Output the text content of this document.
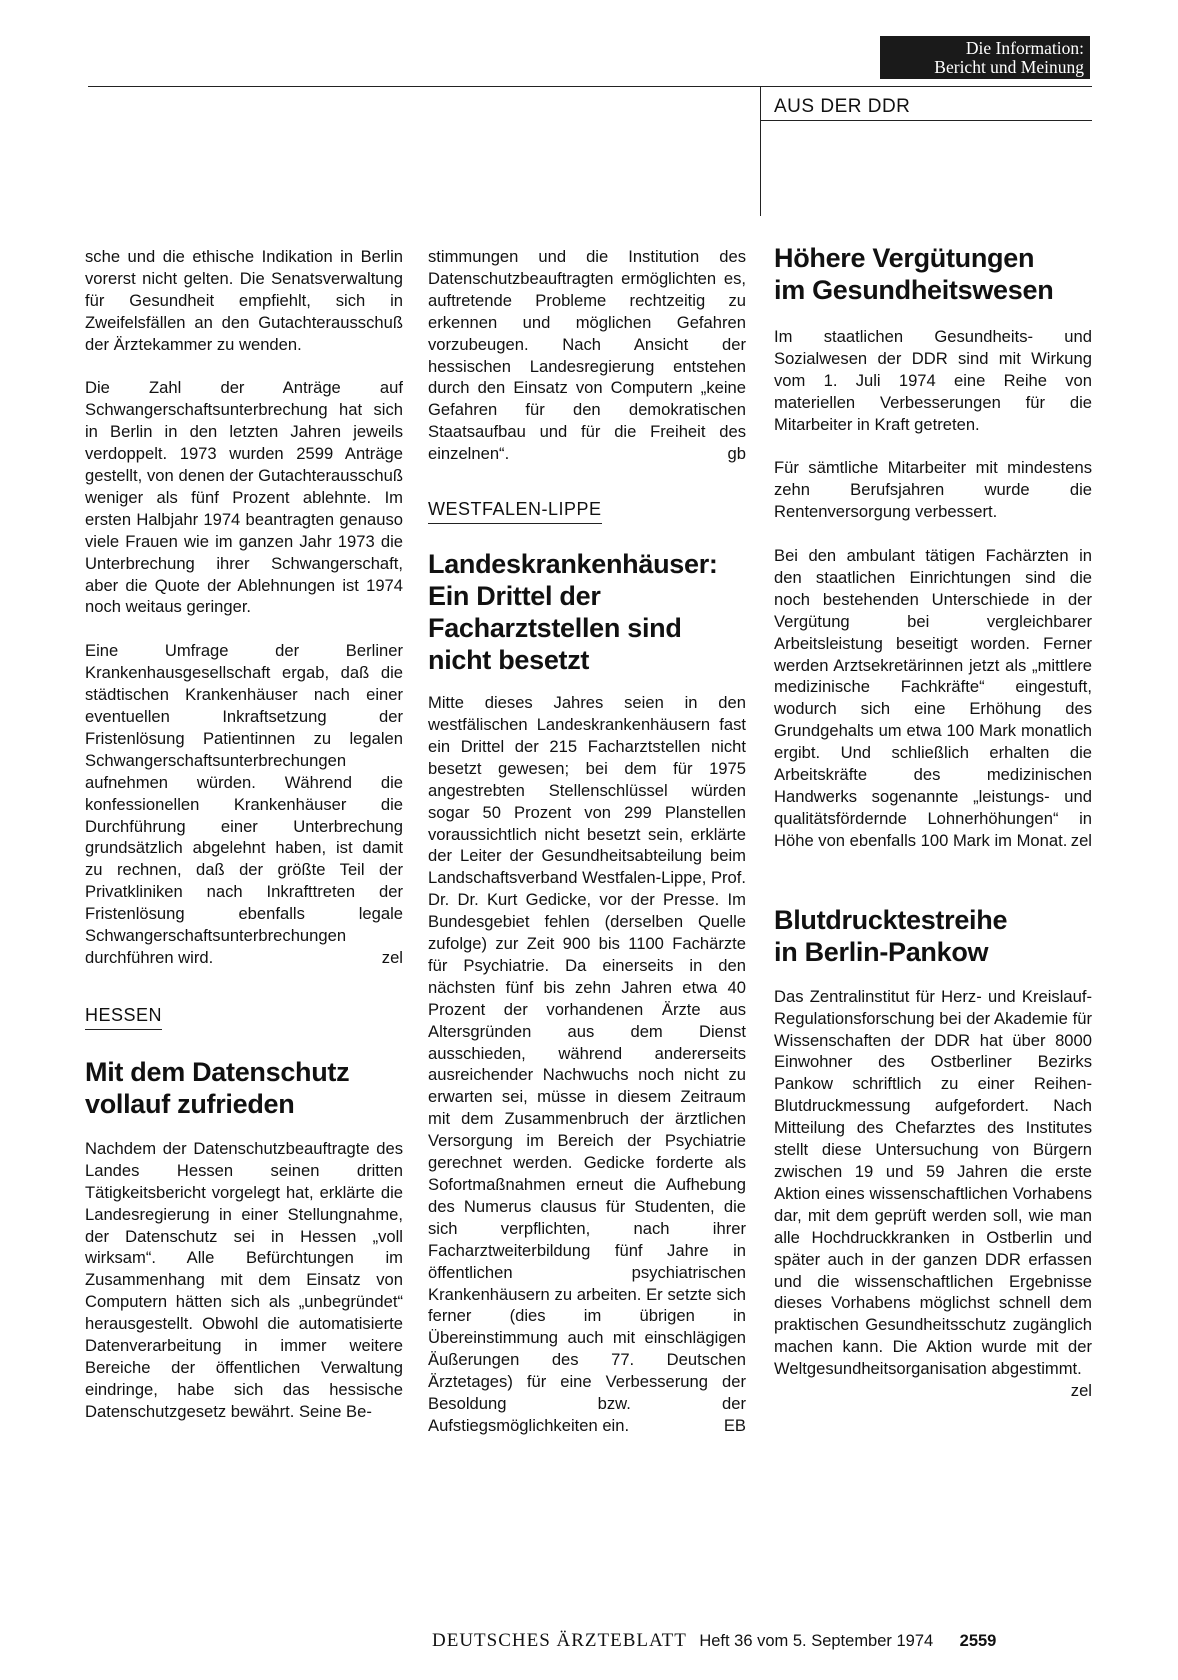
Die Information:
Bericht und Meinung
AUS DER DDR

sche und die ethische Indikation in Berlin vorerst nicht gelten. Die Senatsverwaltung für Gesundheit empfiehlt, sich in Zweifelsfällen an den Gutachterausschuß der Ärztekammer zu wenden.

Die Zahl der Anträge auf Schwangerschaftsunterbrechung hat sich in Berlin in den letzten Jahren jeweils verdoppelt. 1973 wurden 2599 Anträge gestellt, von denen der Gutachterausschuß weniger als fünf Prozent ablehnte. Im ersten Halbjahr 1974 beantragten genauso viele Frauen wie im ganzen Jahr 1973 die Unterbrechung ihrer Schwangerschaft, aber die Quote der Ablehnungen ist 1974 noch weitaus geringer.

Eine Umfrage der Berliner Krankenhausgesellschaft ergab, daß die städtischen Krankenhäuser nach einer eventuellen Inkraftsetzung der Fristenlösung Patientinnen zu legalen Schwangerschaftsunterbrechungen aufnehmen würden. Während die konfessionellen Krankenhäuser die Durchführung einer Unterbrechung grundsätzlich abgelehnt haben, ist damit zu rechnen, daß der größte Teil der Privatkliniken nach Inkrafttreten der Fristenlösung ebenfalls legale Schwangerschaftsunterbrechungen durchführen wird.	zel

HESSEN
Mit dem Datenschutz
vollauf zufrieden

Nachdem der Datenschutzbeauftragte des Landes Hessen seinen dritten Tätigkeitsbericht vorgelegt hat, erklärte die Landesregierung in einer Stellungnahme, der Datenschutz sei in Hessen „voll wirksam“. Alle Befürchtungen im Zusammenhang mit dem Einsatz von Computern hätten sich als „unbegründet“ herausgestellt. Obwohl die automatisierte Datenverarbeitung in immer weitere Bereiche der öffentlichen Verwaltung eindringe, habe sich das hessische Datenschutzgesetz bewährt. Seine Be-

stimmungen und die Institution des Datenschutzbeauftragten ermöglichten es, auftretende Probleme rechtzeitig zu erkennen und möglichen Gefahren vorzubeugen. Nach Ansicht der hessischen Landesregierung entstehen durch den Einsatz von Computern „keine Gefahren für den demokratischen Staatsaufbau und für die Freiheit des einzelnen“.	gb

WESTFALEN-LIPPE
Landeskrankenhäuser:
Ein Drittel der
Facharztstellen sind
nicht besetzt

Mitte dieses Jahres seien in den westfälischen Landeskrankenhäusern fast ein Drittel der 215 Facharztstellen nicht besetzt gewesen; bei dem für 1975 angestrebten Stellenschlüssel würden sogar 50 Prozent von 299 Planstellen voraussichtlich nicht besetzt sein, erklärte der Leiter der Gesundheitsabteilung beim Landschaftsverband Westfalen-Lippe, Prof. Dr. Dr. Kurt Gedicke, vor der Presse. Im Bundesgebiet fehlen (derselben Quelle zufolge) zur Zeit 900 bis 1100 Fachärzte für Psychiatrie. Da einerseits in den nächsten fünf bis zehn Jahren etwa 40 Prozent der vorhandenen Ärzte aus Altersgründen aus dem Dienst ausschieden, während andererseits ausreichender Nachwuchs noch nicht zu erwarten sei, müsse in diesem Zeitraum mit dem Zusammenbruch der ärztlichen Versorgung im Bereich der Psychiatrie gerechnet werden. Gedicke forderte als Sofortmaßnahmen erneut die Aufhebung des Numerus clausus für Studenten, die sich verpflichten, nach ihrer Facharztweiterbildung fünf Jahre in öffentlichen psychiatrischen Krankenhäusern zu arbeiten. Er setzte sich ferner (dies im übrigen in Übereinstimmung auch mit einschlägigen Äußerungen des 77. Deutschen Ärztetages) für eine Verbesserung der Besoldung bzw. der Aufstiegsmöglichkeiten ein.	EB

Höhere Vergütungen
im Gesundheitswesen

Im staatlichen Gesundheits- und Sozialwesen der DDR sind mit Wirkung vom 1. Juli 1974 eine Reihe von materiellen Verbesserungen für die Mitarbeiter in Kraft getreten.

Für sämtliche Mitarbeiter mit mindestens zehn Berufsjahren wurde die Rentenversorgung verbessert.

Bei den ambulant tätigen Fachärzten in den staatlichen Einrichtungen sind die noch bestehenden Unterschiede in der Vergütung bei vergleichbarer Arbeitsleistung beseitigt worden. Ferner werden Arztsekretärinnen jetzt als „mittlere medizinische Fachkräfte“ eingestuft, wodurch sich eine Erhöhung des Grundgehalts um etwa 100 Mark monatlich ergibt. Und schließlich erhalten die Arbeitskräfte des medizinischen Handwerks sogenannte „leistungs- und qualitätsfördernde Lohnerhöhungen“ in Höhe von ebenfalls 100 Mark im Monat. zel

Blutdrucktestreihe
in Berlin-Pankow

Das Zentralinstitut für Herz- und Kreislauf-Regulationsforschung bei der Akademie für Wissenschaften der DDR hat über 8000 Einwohner des Ostberliner Bezirks Pankow schriftlich zu einer Reihen-Blutdruckmessung aufgefordert. Nach Mitteilung des Chefarztes des Institutes stellt diese Untersuchung von Bürgern zwischen 19 und 59 Jahren die erste Aktion eines wissenschaftlichen Vorhabens dar, mit dem geprüft werden soll, wie man alle Hochdruckkranken in Ostberlin und später auch in der ganzen DDR erfassen und die wissenschaftlichen Ergebnisse dieses Vorhabens möglichst schnell dem praktischen Gesundheitsschutz zugänglich machen kann. Die Aktion wurde mit der Weltgesundheitsorganisation abgestimmt.
zel

DEUTSCHES ÄRZTEBLATT Heft 36 vom 5. September 1974 2559
